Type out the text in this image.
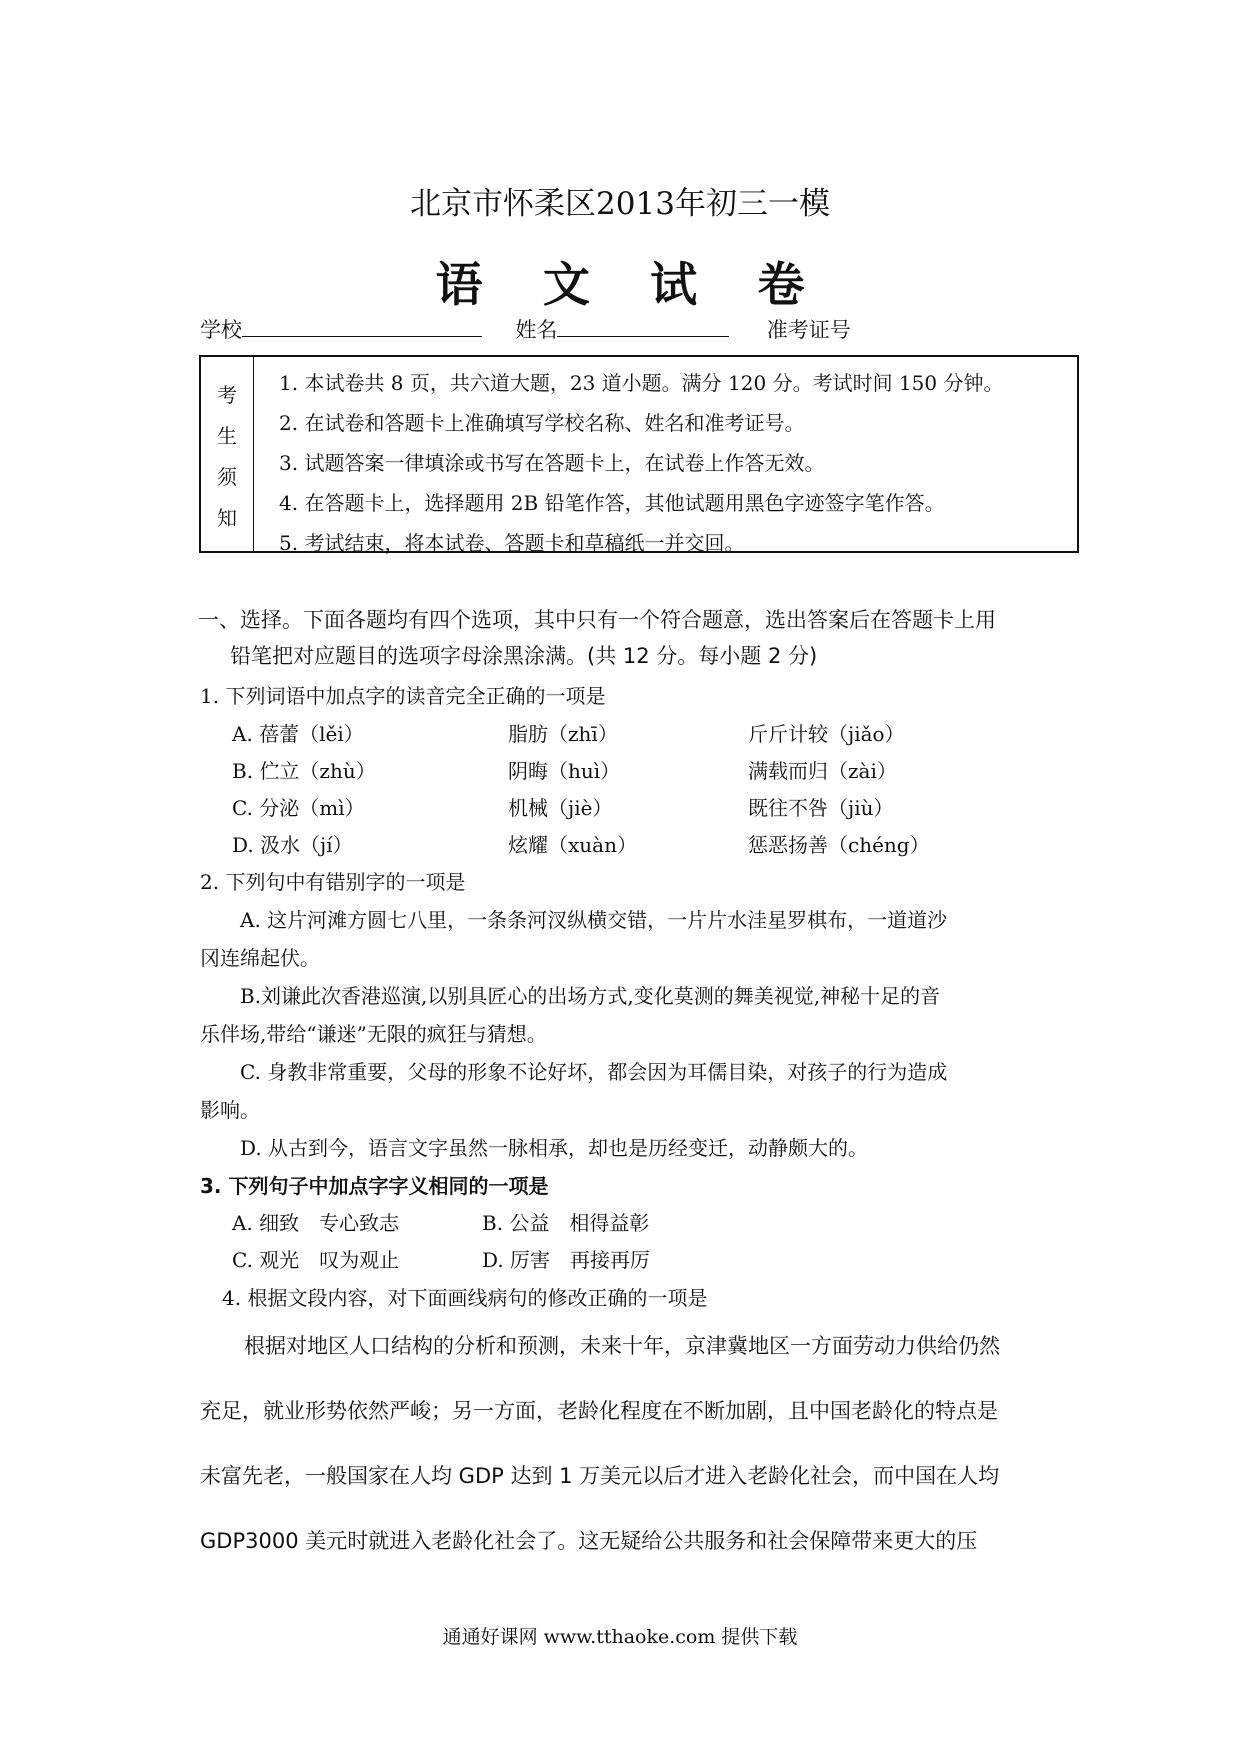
北京市怀柔区2013年初三一模
语 文 试 卷
学校	姓名	准考证号
考
生
须
知
1. 本试卷共 8 页，共六道大题，23 道小题。满分 120 分。考试时间 150 分钟。
2. 在试卷和答题卡上准确填写学校名称、姓名和准考证号。
3. 试题答案一律填涂或书写在答题卡上，在试卷上作答无效。
4. 在答题卡上，选择题用 2B 铅笔作答，其他试题用黑色字迹签字笔作答。
5. 考试结束，将本试卷、答题卡和草稿纸一并交回。
一、选择。下面各题均有四个选项，其中只有一个符合题意，选出答案后在答题卡上用
铅笔把对应题目的选项字母涂黑涂满。(共 12 分。每小题 2 分)
1. 下列词语中加点字的读音完全正确的一项是
A. 蓓蕾（lěi）	脂肪（zhī）	斤斤计较（jiǎo）
B. 伫立（zhù）	阴晦（huì）	满载而归（zài）
C. 分泌（mì）	机械（jiè）	既往不咎（jiù）
D. 汲水（jí）	炫耀（xuàn）	惩恶扬善（chéng）
2. 下列句中有错别字的一项是
A. 这片河滩方圆七八里，一条条河汊纵横交错，一片片水洼星罗棋布，一道道沙
冈连绵起伏。
B.刘谦此次香港巡演,以别具匠心的出场方式,变化莫测的舞美视觉,神秘十足的音
乐伴场,带给“谦迷”无限的疯狂与猜想。
C. 身教非常重要，父母的形象不论好坏，都会因为耳儒目染，对孩子的行为造成
影响。
D. 从古到今，语言文字虽然一脉相承，却也是历经变迁，动静颇大的。
3. 下列句子中加点字字义相同的一项是
A. 细致　专心致志	B. 公益　相得益彰
C. 观光　叹为观止	D. 厉害　再接再厉
4. 根据文段内容，对下面画线病句的修改正确的一项是
根据对地区人口结构的分析和预测，未来十年，京津冀地区一方面劳动力供给仍然
充足，就业形势依然严峻；另一方面，老龄化程度在不断加剧，且中国老龄化的特点是
未富先老，一般国家在人均 GDP 达到 1 万美元以后才进入老龄化社会，而中国在人均
GDP3000 美元时就进入老龄化社会了。这无疑给公共服务和社会保障带来更大的压
通通好课网 www.tthaoke.com 提供下载
